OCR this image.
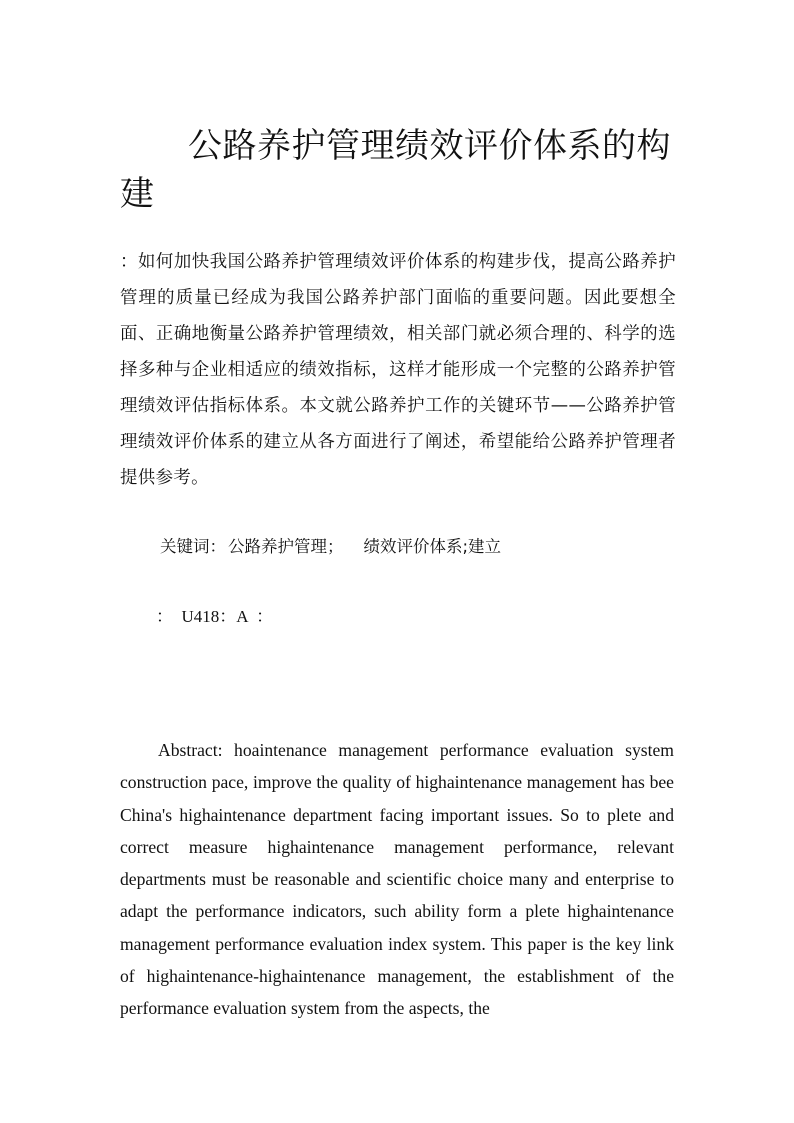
公路养护管理绩效评价体系的构建

：如何加快我国公路养护管理绩效评价体系的构建步伐，提高公路养护管理的质量已经成为我国公路养护部门面临的重要问题。因此要想全面、正确地衡量公路养护管理绩效，相关部门就必须合理的、科学的选择多种与企业相适应的绩效指标，这样才能形成一个完整的公路养护管理绩效评估指标体系。本文就公路养护工作的关键环节——公路养护管理绩效评价体系的建立从各方面进行了阐述，希望能给公路养护管理者提供参考。

关键词： 公路养护管理； 绩效评价体系;建立

：  U418：A  ：

Abstract: hoaintenance management performance evaluation system construction pace, improve the quality of highaintenance management has bee China's highaintenance department facing important issues. So to plete and correct measure highaintenance management performance, relevant departments must be reasonable and scientific choice many and enterprise to adapt the performance indicators, such ability form a plete highaintenance management performance evaluation index system. This paper is the key link of highaintenance-highaintenance management, the establishment of the performance evaluation system from the aspects, the
